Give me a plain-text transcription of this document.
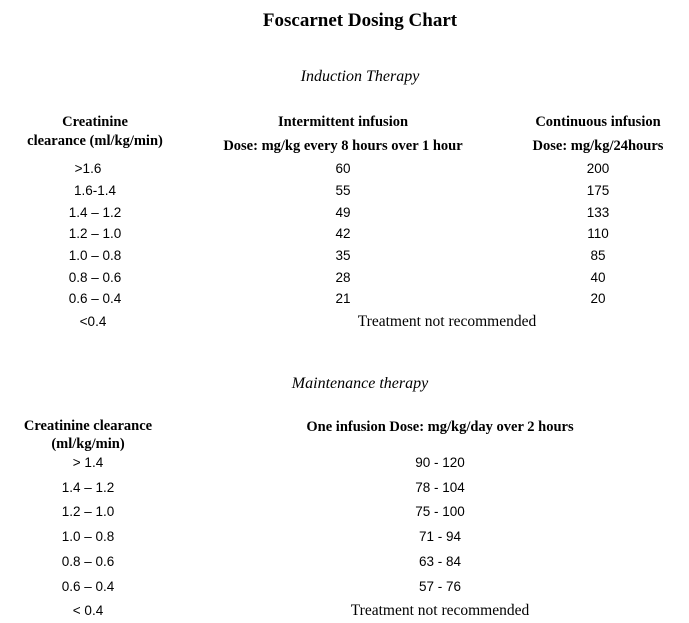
Foscarnet Dosing Chart
Induction Therapy
Creatinine
clearance (ml/kg/min)
Intermittent infusion
Dose: mg/kg every 8 hours over 1 hour
Continuous infusion
Dose: mg/kg/24hours
>1.6	60	200
1.6-1.4	55	175
1.4 – 1.2	49	133
1.2 – 1.0	42	110
1.0 – 0.8	35	85
0.8 – 0.6	28	40
0.6 – 0.4	21	20
<0.4	Treatment not recommended
Maintenance therapy
Creatinine clearance
(ml/kg/min)
One infusion Dose: mg/kg/day over 2 hours
> 1.4	90 - 120
1.4 – 1.2	78 - 104
1.2 – 1.0	75 - 100
1.0 – 0.8	71 - 94
0.8 – 0.6	63 - 84
0.6 – 0.4	57 - 76
< 0.4	Treatment not recommended
